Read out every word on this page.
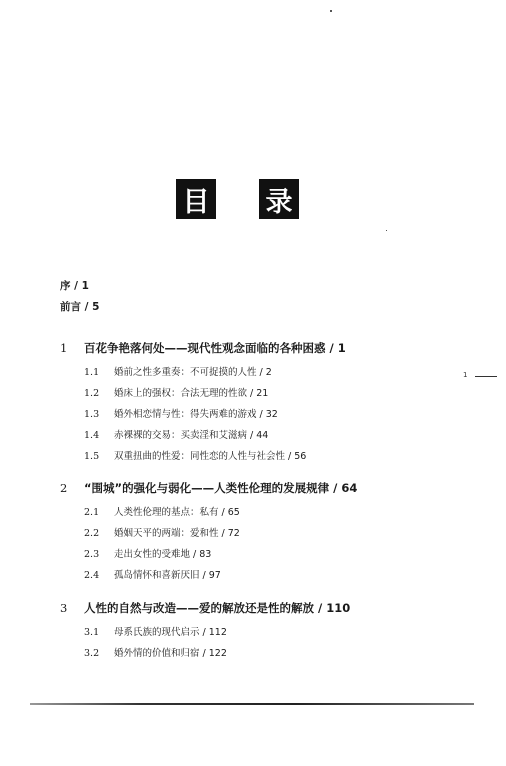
目 录
序 / 1
前言 / 5
1 百花争艳落何处——现代性观念面临的各种困惑 / 1
1.1 婚前之性多重奏：不可捉摸的人性 / 2
1.2 婚床上的强权：合法无理的性欲 / 21
1.3 婚外相恋情与性：得失两难的游戏 / 32
1.4 赤裸裸的交易：买卖淫和艾滋病 / 44
1.5 双重扭曲的性爱：同性恋的人性与社会性 / 56
2 “围城”的强化与弱化——人类性伦理的发展规律 / 64
2.1 人类性伦理的基点：私有 / 65
2.2 婚姻天平的两端：爱和性 / 72
2.3 走出女性的受难地 / 83
2.4 孤岛情怀和喜新厌旧 / 97
3 人性的自然与改造——爱的解放还是性的解放 / 110
3.1 母系氏族的现代启示 / 112
3.2 婚外情的价值和归宿 / 122
1
